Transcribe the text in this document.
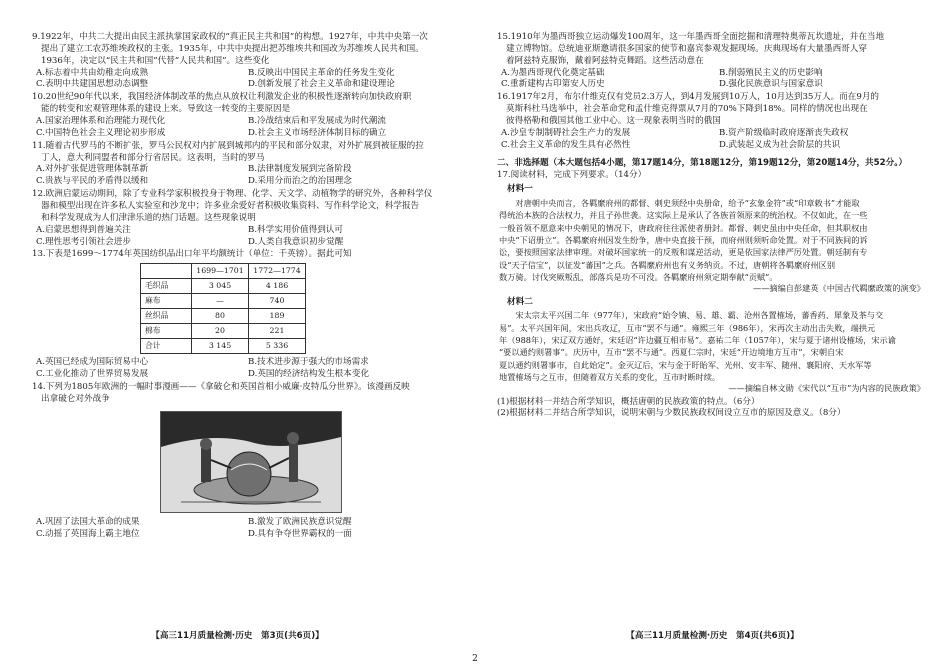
9.1922年，中共二大提出由民主派执掌国家政权的“真正民主共和国”的构想。1927年，中共中央第一次

提出了建立工农苏维埃政权的主张。1935年，中共中央提出把苏维埃共和国改为苏维埃人民共和国。

1936年，决定以“民主共和国”代替“人民共和国”。这些变化

A.标志着中共由幼稚走向成熟	B.反映出中国民主革命的任务发生变化
C.表明中共建国思想动态调整	D.创新发展了社会主义革命和建设理论

10.20世纪90年代以来，我国经济体制改革的焦点从放权让利激发企业的积极性逐渐转向加快政府职

能的转变和宏观管理体系的建设上来。导致这一转变的主要原因是

A.国家治理体系和治理能力现代化	B.冷战结束后和平发展成为时代潮流
C.中国特色社会主义理论初步形成	D.社会主义市场经济体制目标的确立

11.随着古代罗马的不断扩张，罗马公民权对内扩展到城邦内的平民和部分奴隶，对外扩展到被征服的拉

丁人，意大利同盟者和部分行省居民。这表明，当时的罗马

A.对外扩张促进管理体制革新	B.法律制度发展到完备阶段
C.贵族与平民的矛盾得以缓和	D.采用分而治之的治国理念

12.欧洲启蒙运动期间，除了专业科学家积极投身于物理、化学、天文学、动植物学的研究外，各种科学仪

器和模型出现在许多私人实验室和沙龙中；许多业余爱好者积极收集资料、写作科学论文，科学报告

和科学发现成为人们津津乐道的热门话题。这些现象说明

A.启蒙思想得到普遍关注	B.科学实用价值得到认可
C.理性思考引领社会进步	D.人类自我意识初步觉醒

13.下表是1699～1774年英国纺织品出口年平均额统计（单位：千英镑）。据此可知

	1699—1701	1772—1774
毛织品	3 045	4 186
麻布	—	740
丝织品	80	189
棉布	20	221
合计	3 145	5 336
A.英国已经成为国际贸易中心	B.技术进步源于强大的市场需求
C.工业化推动了世界贸易发展	D.英国的经济结构发生根本变化

14.下列为1805年欧洲的一幅时事漫画——《拿破仑和英国首相小威廉·皮特瓜分世界》。该漫画反映

出拿破仑对外战争

A.巩固了法国大革命的成果	B.激发了欧洲民族意识觉醒
C.动摇了英国海上霸主地位	D.具有争夺世界霸权的一面
【高三11月质量检测·历史　第3页(共6页)】

15.1910年为墨西哥独立运动爆发100周年，这一年墨西哥全面挖掘和清理特奥蒂瓦坎遗址，并在当地

建立博物馆。总统迪亚斯邀请很多国家的使节和嘉宾参观发掘现场。庆典现场有大量墨西哥人穿

着阿兹特克服饰，戴着阿兹特克舞蹈。这些活动意在

A.为墨西哥现代化奠定基础	B.削弱殖民主义的历史影响
C.重新建构古印第安人历史	D.强化民族意识与国家意识

16.1917年2月，布尔什维克仅有党员2.3万人，到4月发展到10万人，10月达到35万人。而在9月的

莫斯科杜马选举中，社会革命党和孟什维克得票从7月的70%下降到18%。同样的情况也出现在

彼得格勒和俄国其他工业中心。这一现象表明当时的俄国

A.沙皇专制制碍社会生产力的发展	B.资产阶级临时政府逐渐丧失政权
C.社会主义革命的发生具有必然性	D.武装起义成为社会阶层的共识
二、非选择题（本大题包括4小题，第17题14分，第18题12分，第19题12分，第20题14分，共52分。）

17.阅读材料，完成下列要求。（14分）

材料一

对唐朝中央而言，各羁縻府州的都督、刺史须经中央册命，给予“玄象金符”或“印章敕书”才能取

得统治本族的合法权力，并且子孙世袭。这实际上是承认了各族首领原来的统治权。不仅如此，在一些

一般首领不愿意来中央朝见的情况下，唐政府往往派使者册封。都督、刺史虽由中央任命，但其职权由

中央“下诏册立”。各羁縻府州因发生纷争，唐中央直接干预，而府州则须听命处置。对于不同族间的诉

讼，要按照国家法律审理。对破坏国家统一的反叛和谋逆活动，更是依国家法律严厉处置。朝廷制有专

设“天子信宝”，以征发“蕃国”之兵。各羁縻府州也有义务纳贡。不过，唐朝将各羁縻府州区别

数万骑。讨伐突厥叛乱，部落兵是功不可没。各羁縻府州须定期奉献“贡赋”。

——摘编自彭建英《中国古代羁縻政策的演变》
材料二

宋太宗太平兴国二年（977年），宋政府“始令镇、易、雄、霸、沧州各置榷场，蕃香药、犀象及茶与交

易”。太平兴国年间，宋出兵攻辽，互市“罢不与通”。雍熙三年（986年），宋再次主动出击失败，端拱元

年（988年），宋辽双方通好，宋廷诏“许边疆互相市易”。嘉祐二年（1057年），宋与夏于诸州设榷场，宋示谕

“要以通约则署事”。庆历中，互市“罢不与通”。西夏仁宗时，宋廷“开边境地方互市”，宋朝自宋

夏以通约则署事市，自此始定”。金灭辽后，宋与金于盱眙军、光州、安丰军、随州、襄阳府、天水军等

地置榷场与之互市，但随着双方关系的变化，互市时断时续。

——摘编自林文勋《宋代以“互市”为内容的民族政策》

(1)根据材料一并结合所学知识，概括唐朝的民族政策的特点。（6分）

(2)根据材料二并结合所学知识，说明宋朝与少数民族政权间设立互市的原因及意义。（8分）

【高三11月质量检测·历史　第4页(共6页)】
2
